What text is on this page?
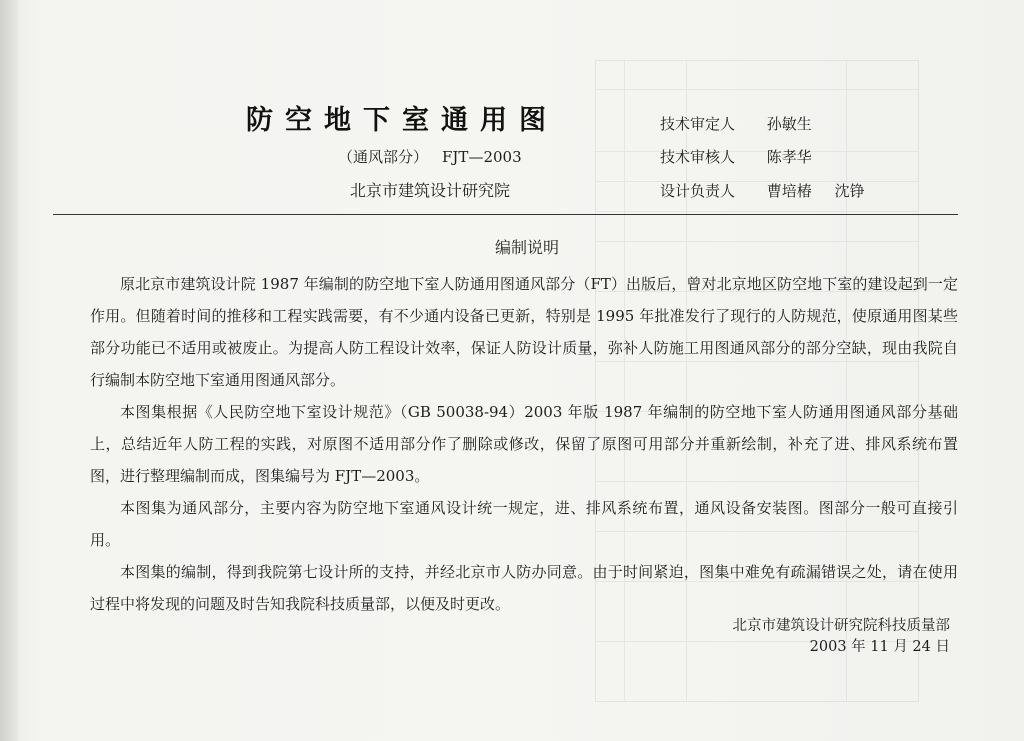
防空地下室通用图
（通风部分） FJT—2003
北京市建筑设计研究院
技术审定人 孙敏生
技术审核人 陈孝华
设计负责人 曹培椿 沈铮
编制说明

原北京市建筑设计院 1987 年编制的防空地下室人防通用图通风部分（FT）出版后，曾对北京地区防空地下室的建设起到一定作用。但随着时间的推移和工程实践需要，有不少通内设备已更新，特别是 1995 年批准发行了现行的人防规范，使原通用图某些部分功能已不适用或被废止。为提高人防工程设计效率，保证人防设计质量，弥补人防施工用图通风部分的部分空缺，现由我院自行编制本防空地下室通用图通风部分。

本图集根据《人民防空地下室设计规范》（GB 50038-94）2003 年版 1987 年编制的防空地下室人防通用图通风部分基础上，总结近年人防工程的实践，对原图不适用部分作了删除或修改，保留了原图可用部分并重新绘制，补充了进、排风系统布置图，进行整理编制而成，图集编号为 FJT—2003。

本图集为通风部分，主要内容为防空地下室通风设计统一规定，进、排风系统布置，通风设备安装图。图部分一般可直接引用。

本图集的编制，得到我院第七设计所的支持，并经北京市人防办同意。由于时间紧迫，图集中难免有疏漏错误之处，请在使用过程中将发现的问题及时告知我院科技质量部，以便及时更改。

北京市建筑设计研究院科技质量部
2003 年 11 月 24 日
